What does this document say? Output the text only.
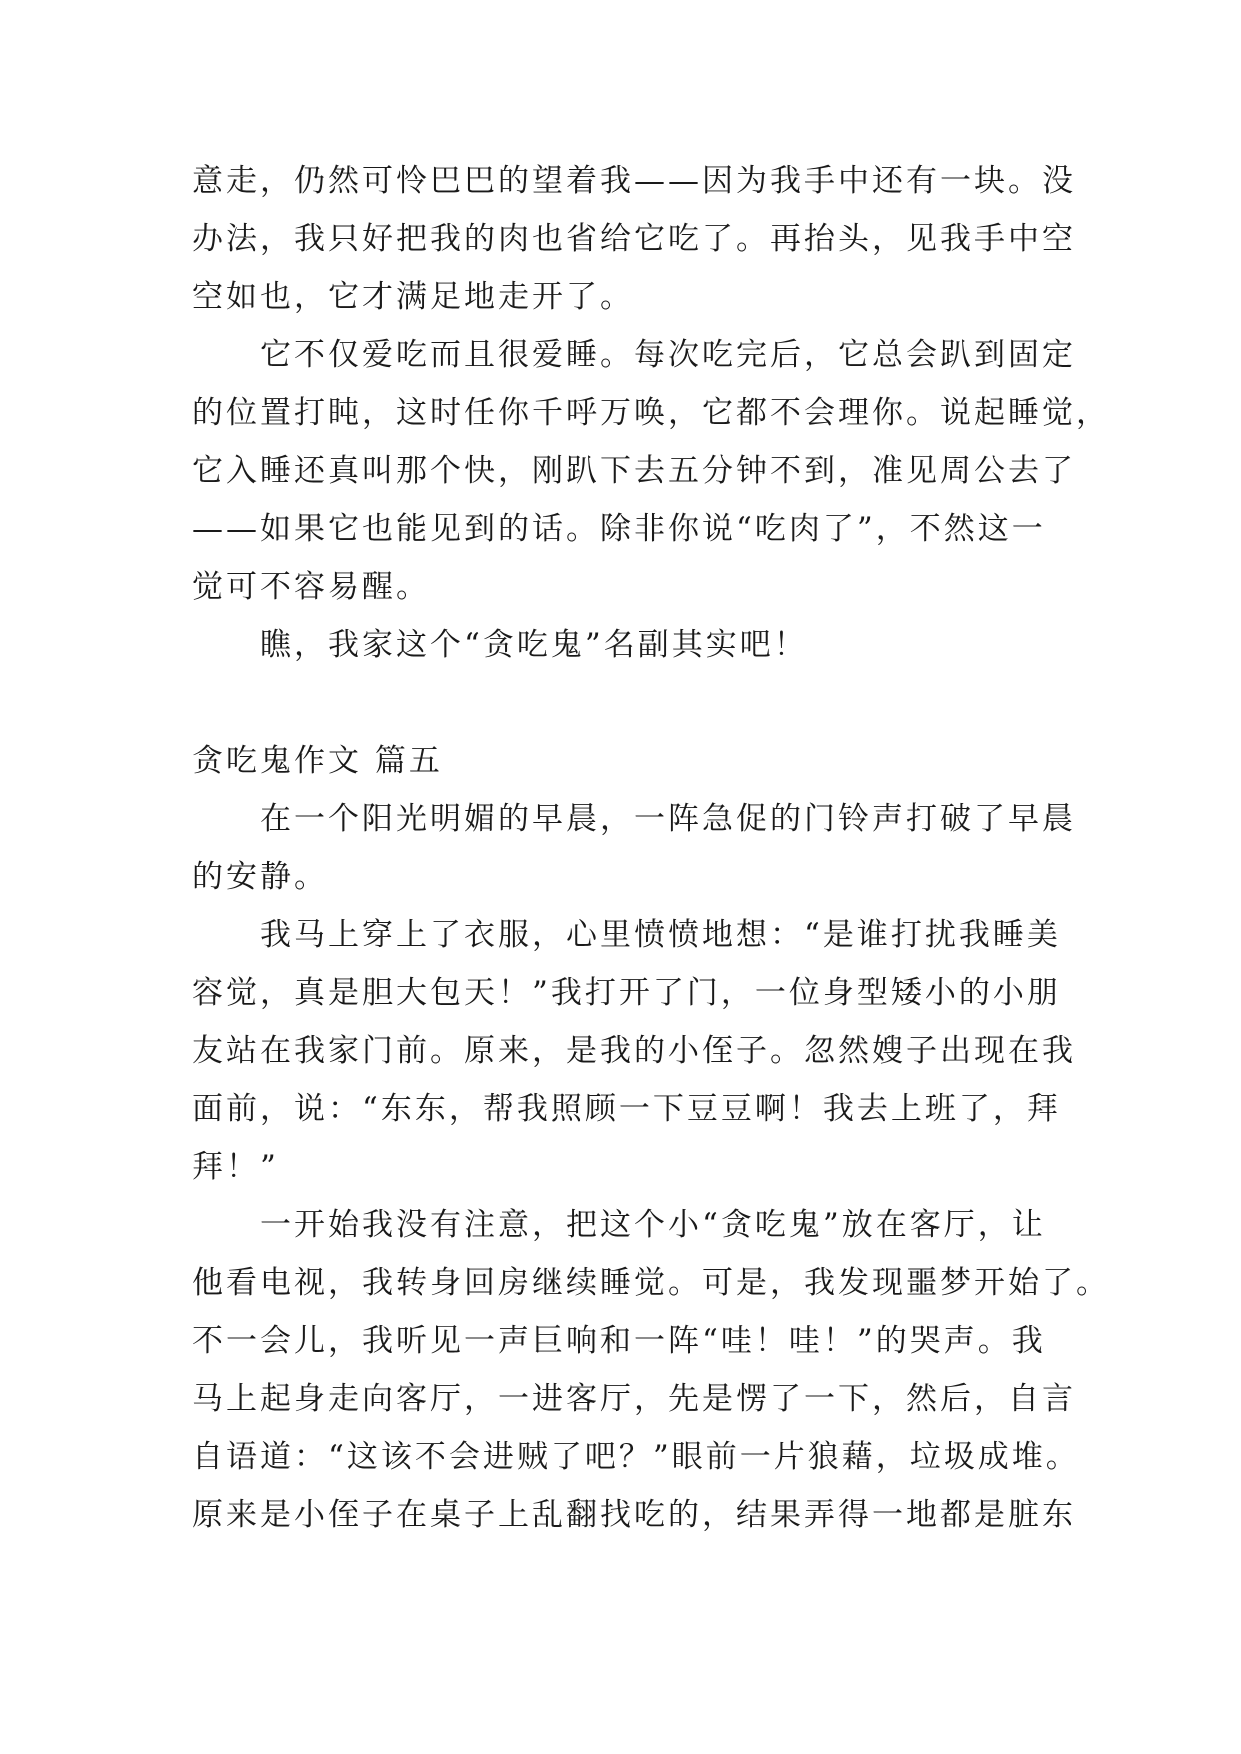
意走，仍然可怜巴巴的望着我——因为我手中还有一块。没
办法，我只好把我的肉也省给它吃了。再抬头，见我手中空
空如也，它才满足地走开了。
　　它不仅爱吃而且很爱睡。每次吃完后，它总会趴到固定
的位置打盹，这时任你千呼万唤，它都不会理你。说起睡觉，
它入睡还真叫那个快，刚趴下去五分钟不到，准见周公去了
——如果它也能见到的话。除非你说“吃肉了”，不然这一
觉可不容易醒。
　　瞧，我家这个“贪吃鬼”名副其实吧！
贪吃鬼作文 篇五
　　在一个阳光明媚的早晨，一阵急促的门铃声打破了早晨
的安静。
　　我马上穿上了衣服，心里愤愤地想：“是谁打扰我睡美
容觉，真是胆大包天！”我打开了门，一位身型矮小的小朋
友站在我家门前。原来，是我的小侄子。忽然嫂子出现在我
面前，说：“东东，帮我照顾一下豆豆啊！我去上班了，拜
拜！”
　　一开始我没有注意，把这个小“贪吃鬼”放在客厅，让
他看电视，我转身回房继续睡觉。可是，我发现噩梦开始了。
不一会儿，我听见一声巨响和一阵“哇！哇！”的哭声。我
马上起身走向客厅，一进客厅，先是愣了一下，然后，自言
自语道：“这该不会进贼了吧？”眼前一片狼藉，垃圾成堆。
原来是小侄子在桌子上乱翻找吃的，结果弄得一地都是脏东
